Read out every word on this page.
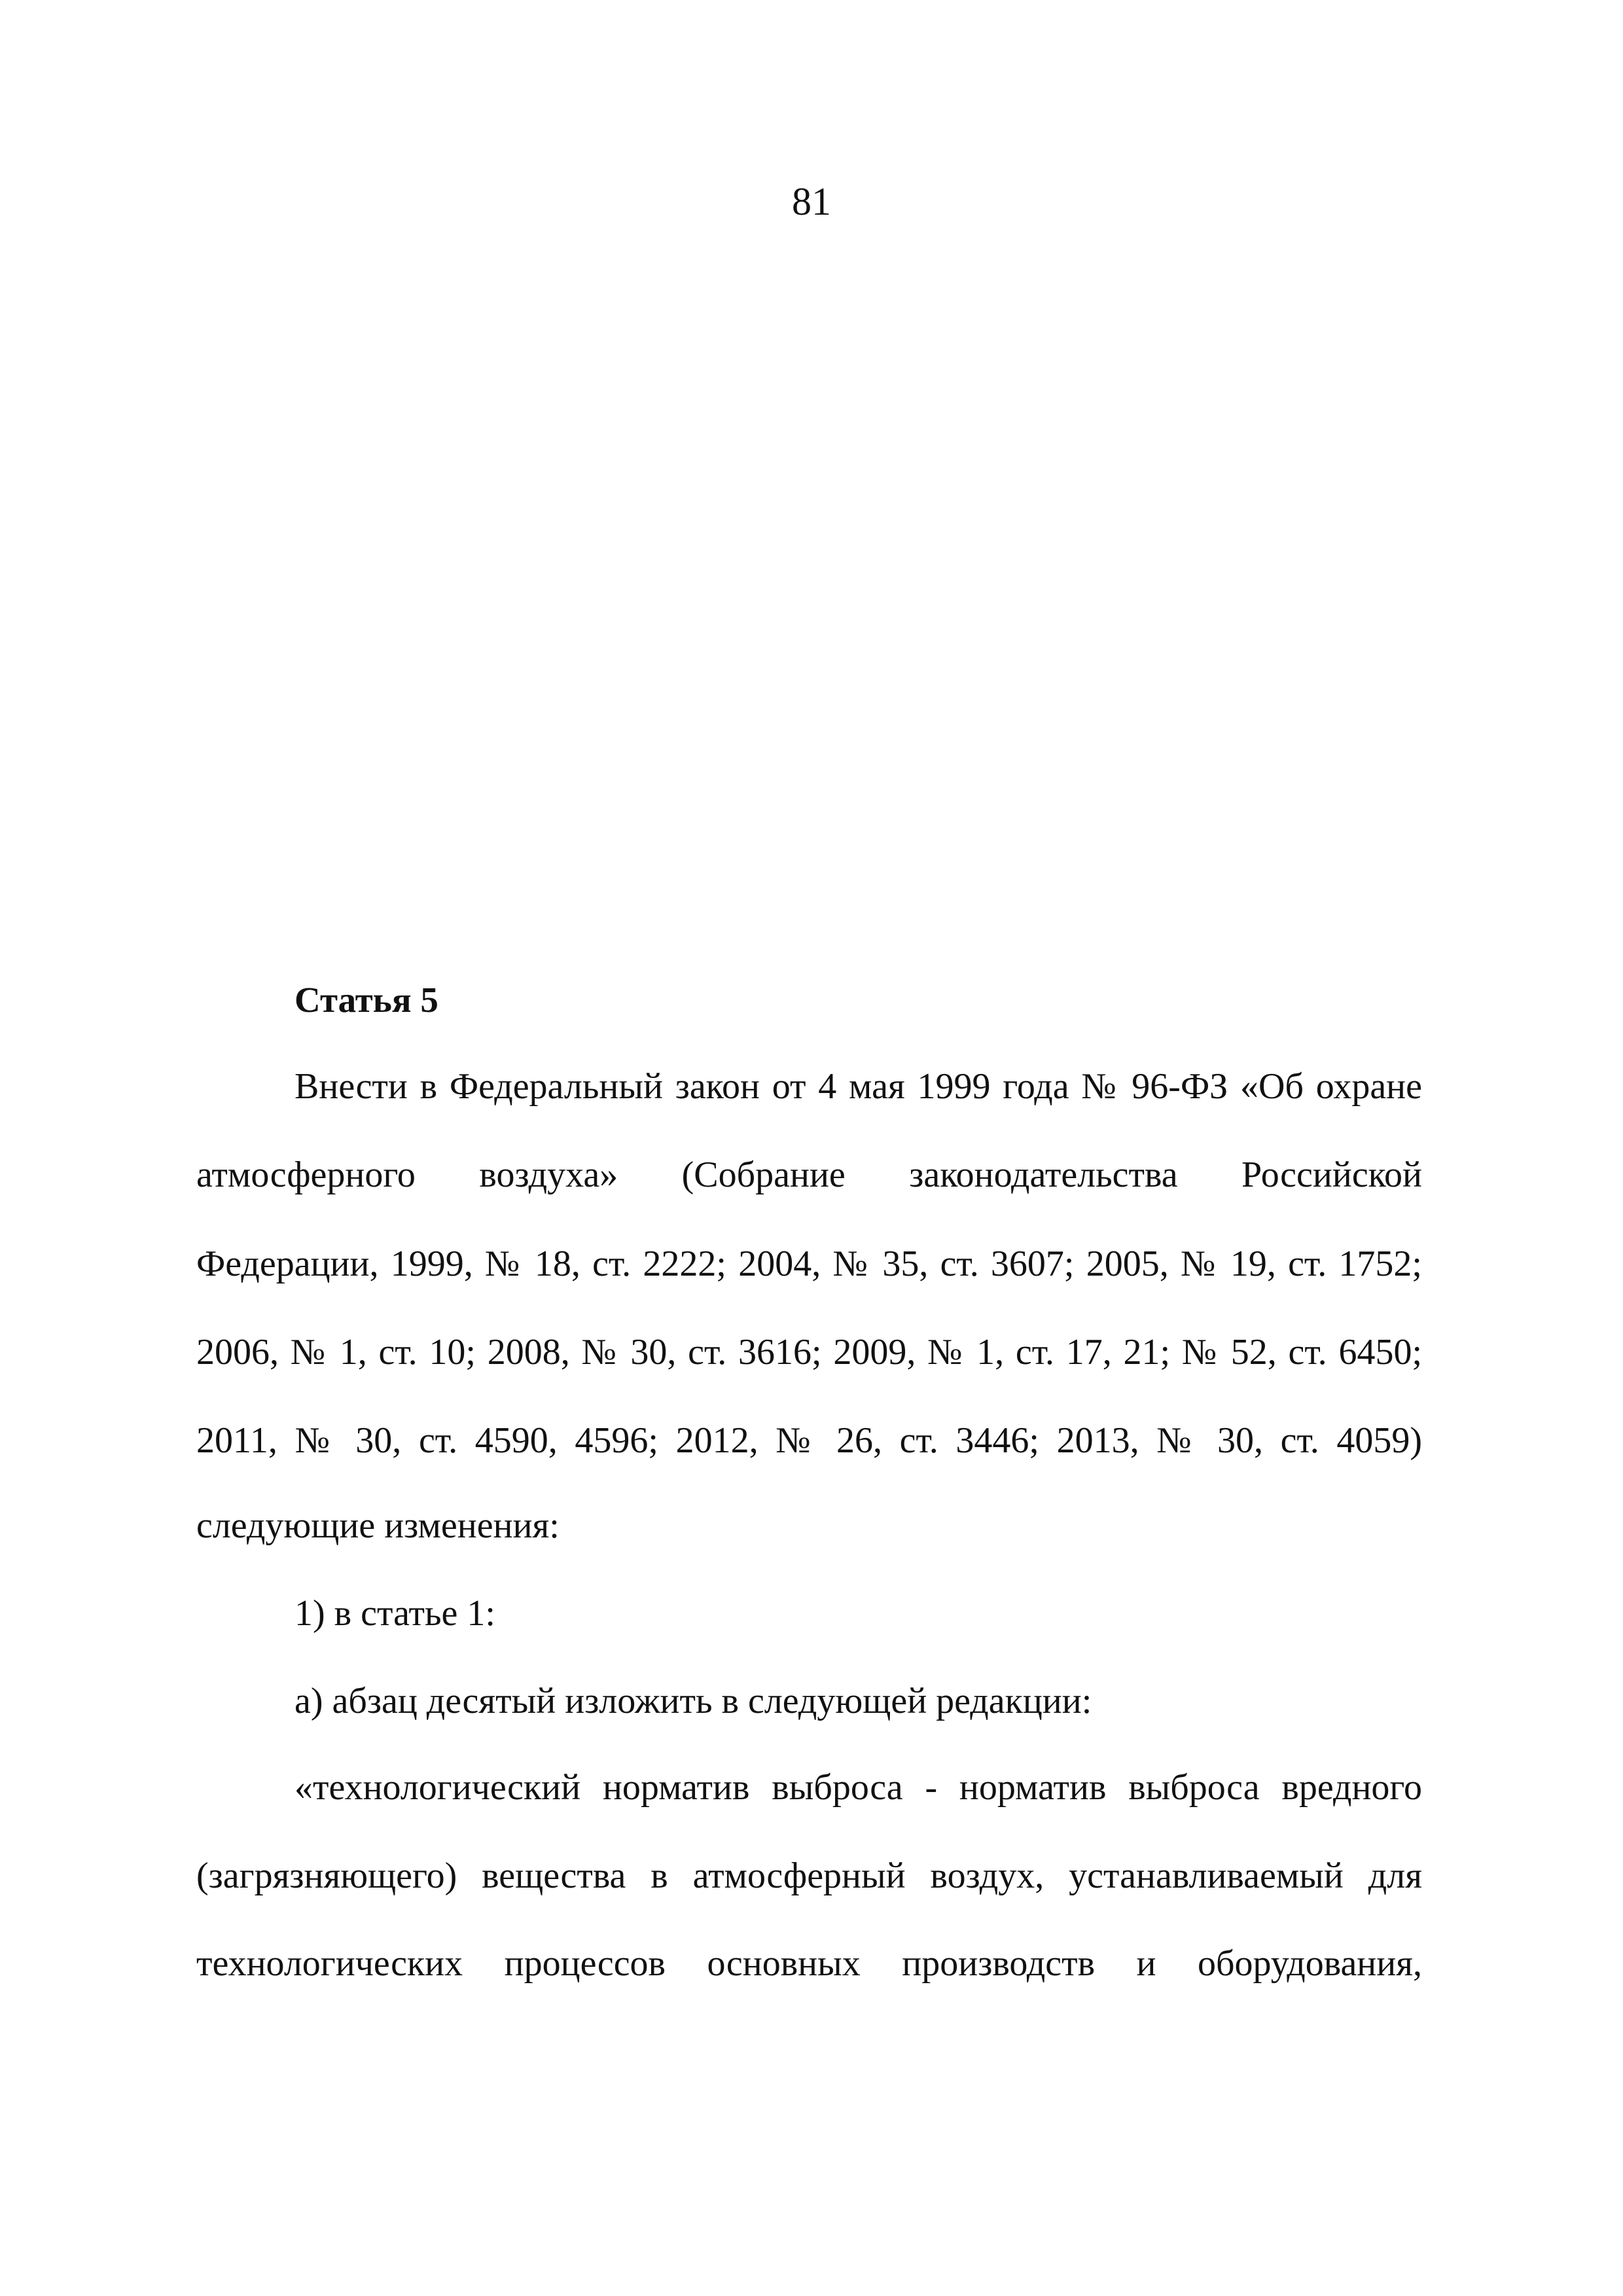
81
Статья 5
Внести в Федеральный закон от 4 мая 1999 года № 96-ФЗ «Об охране
атмосферного воздуха» (Собрание законодательства Российской
Федерации, 1999, № 18, ст. 2222; 2004, № 35, ст. 3607; 2005, № 19, ст. 1752;
2006, № 1, ст. 10; 2008, № 30, ст. 3616; 2009, № 1, ст. 17, 21; № 52, ст. 6450;
2011, № 30, ст. 4590, 4596; 2012, № 26, ст. 3446; 2013, № 30, ст. 4059)
следующие изменения:
1) в статье 1:
а) абзац десятый изложить в следующей редакции:
«технологический норматив выброса - норматив выброса вредного
(загрязняющего) вещества в атмосферный воздух, устанавливаемый для
технологических процессов основных производств и оборудования,
